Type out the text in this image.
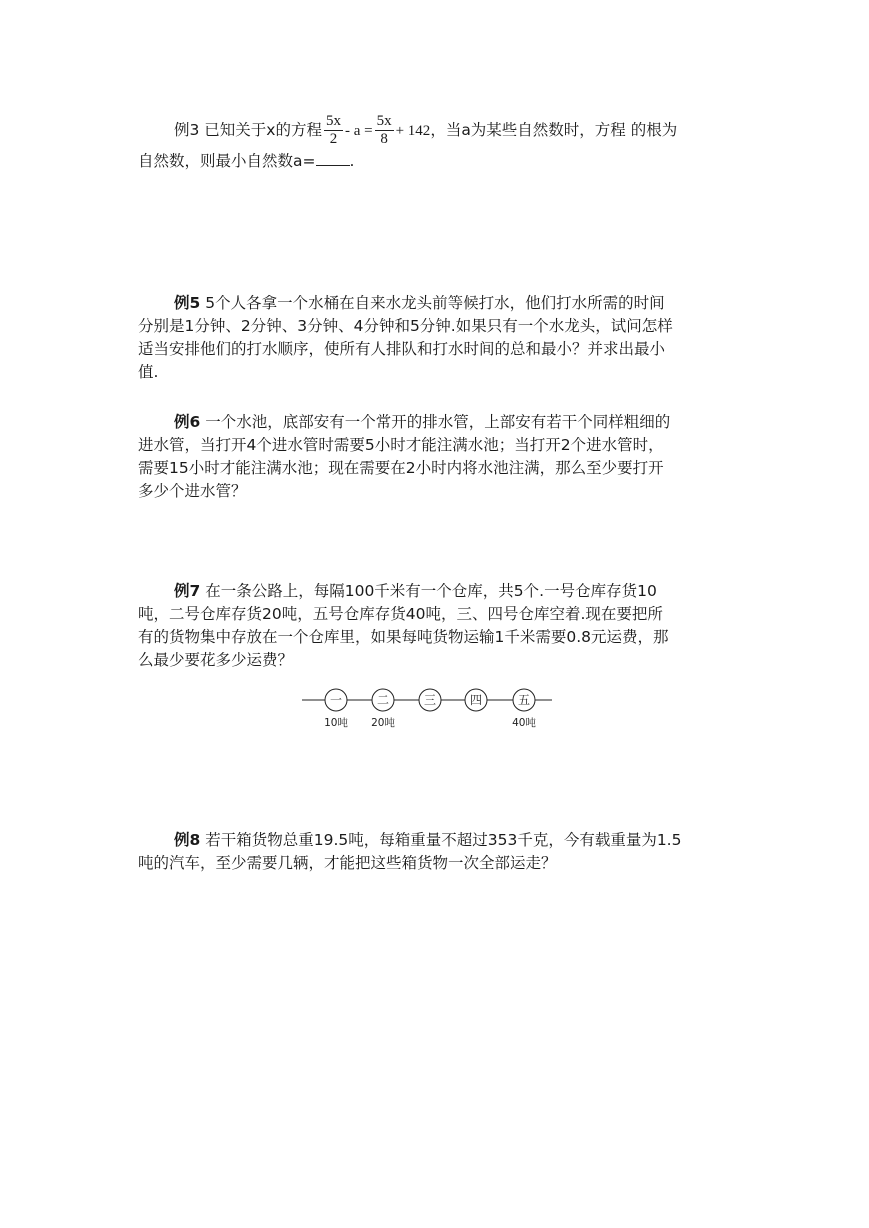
例3 已知关于x的方程 $\frac{5x}{2} - a = \frac{5x}{8} + 142$，当a为某些自然数时，方程 的根为
自然数，则最小自然数a= .
例5 5个人各拿一个水桶在自来水龙头前等候打水，他们打水所需的时间
分别是1分钟、2分钟、3分钟、4分钟和5分钟.如果只有一个水龙头，试问怎样
适当安排他们的打水顺序，使所有人排队和打水时间的总和最小？并求出最小
值.
例6 一个水池，底部安有一个常开的排水管，上部安有若干个同样粗细的
进水管，当打开4个进水管时需要5小时才能注满水池；当打开2个进水管时，
需要15小时才能注满水池；现在需要在2小时内将水池注满，那么至少要打开
多少个进水管？
例7 在一条公路上，每隔100千米有一个仓库，共5个.一号仓库存货10
吨，二号仓库存货20吨，五号仓库存货40吨，三、四号仓库空着.现在要把所
有的货物集中存放在一个仓库里，如果每吨货物运输1千米需要0.8元运费，那
么最少要花多少运费？
一
10吨
二
20吨
三	四	五
40吨
例8 若干箱货物总重19.5吨，每箱重量不超过353千克，今有载重量为1.5
吨的汽车，至少需要几辆，才能把这些箱货物一次全部运走？
